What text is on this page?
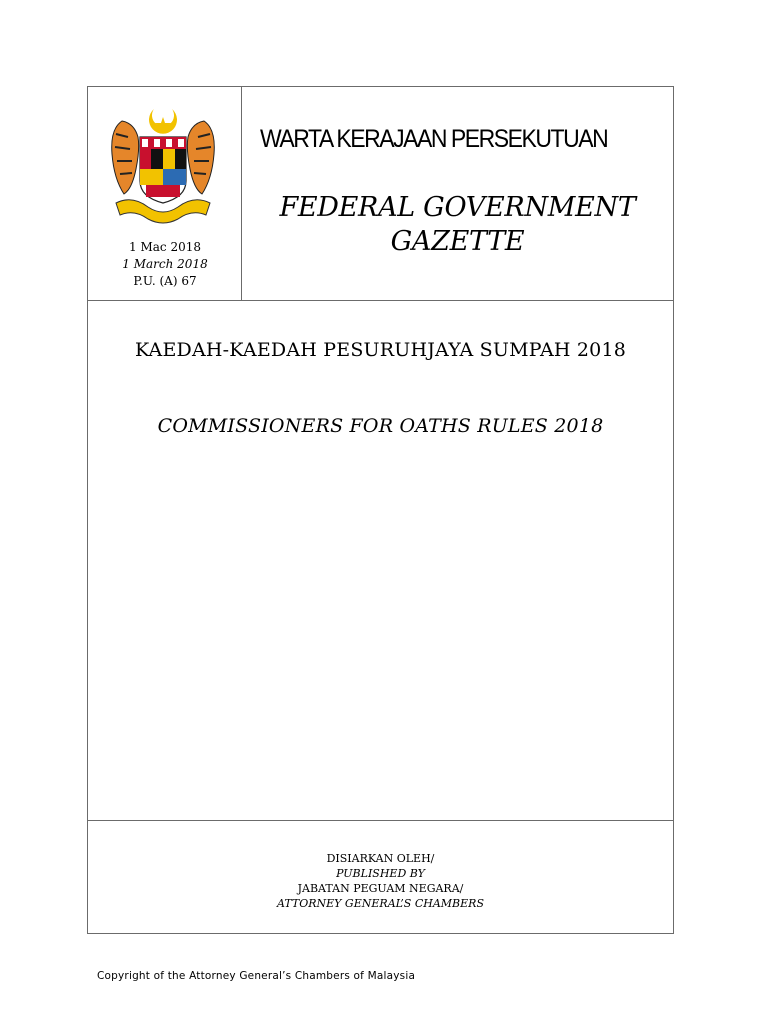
1 Mac 2018
1 March 2018
P.U. (A) 67
WARTA KERAJAAN PERSEKUTUAN
FEDERAL GOVERNMENT
GAZETTE
KAEDAH-KAEDAH PESURUHJAYA SUMPAH 2018
COMMISSIONERS FOR OATHS RULES 2018
DISIARKAN OLEH/
PUBLISHED BY
JABATAN PEGUAM NEGARA/
ATTORNEY GENERAL’S CHAMBERS
Copyright of the Attorney General’s Chambers of Malaysia
